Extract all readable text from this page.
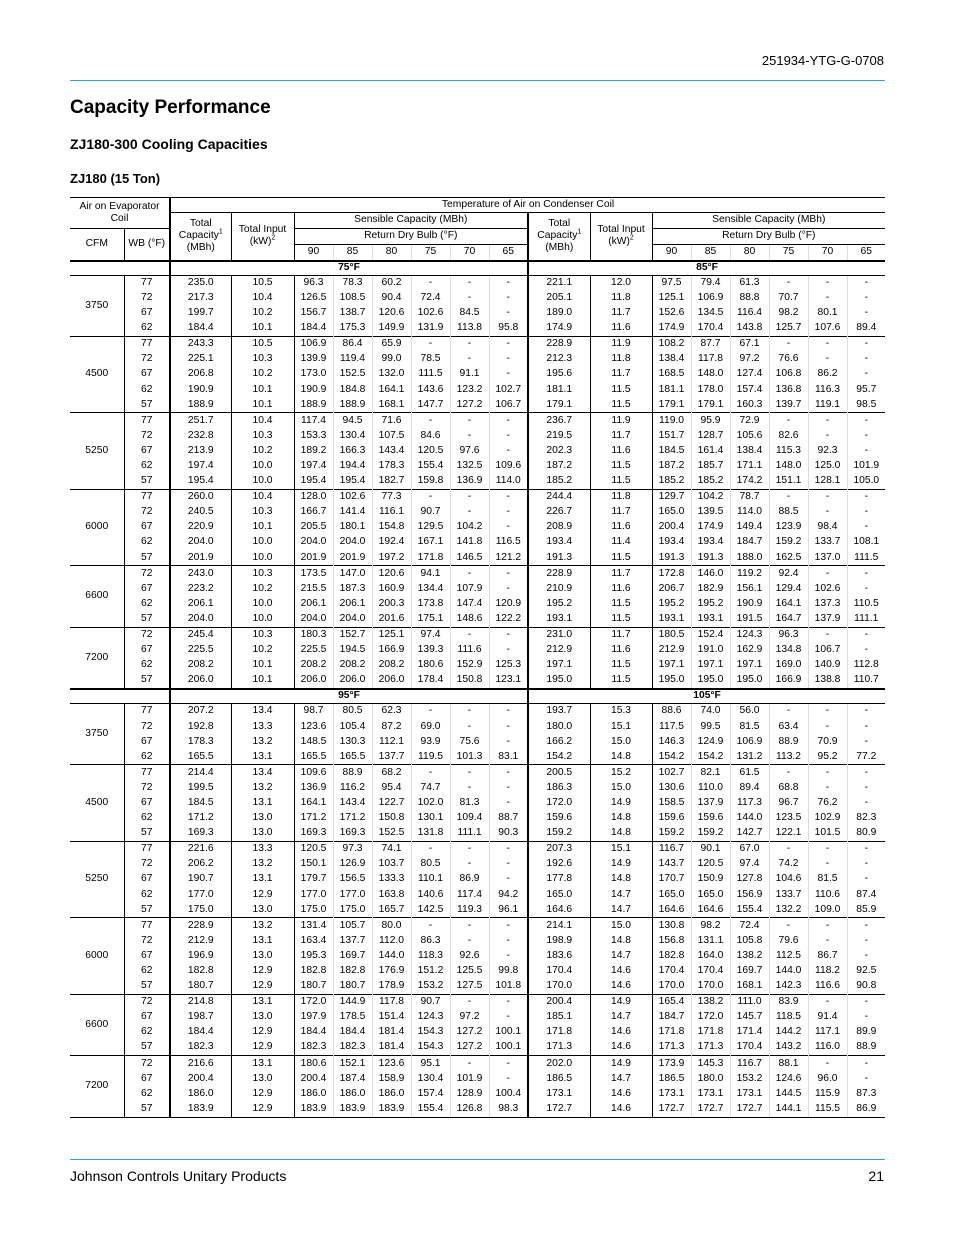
251934-YTG-G-0708
Capacity Performance
ZJ180-300 Cooling Capacities
ZJ180 (15 Ton)
Air on Evaporator Coil		Temperature of Air on Condenser Coil															
		Total Capacity$^1$
(MBh)	Total Input
(kW)$^2$	Sensible Capacity (MBh)						Total Capacity$^1$
(MBh)	Total Input
(kW)$^2$	Sensible Capacity (MBh)					
CFM	WB (°F)			Return Dry Bulb (°F)								Return Dry Bulb (°F)					
				90	85	80	75	70	65			90	85	80	75	70	65
		75°F								85°F							
3750	77	235.0	10.5	96.3	78.3	60.2	-	-	-	221.1	12.0	97.5	79.4	61.3	-	-	-
	72	217.3	10.4	126.5	108.5	90.4	72.4	-	-	205.1	11.8	125.1	106.9	88.8	70.7	-	-
	67	199.7	10.2	156.7	138.7	120.6	102.6	84.5	-	189.0	11.7	152.6	134.5	116.4	98.2	80.1	-
	62	184.4	10.1	184.4	175.3	149.9	131.9	113.8	95.8	174.9	11.6	174.9	170.4	143.8	125.7	107.6	89.4
4500	77	243.3	10.5	106.9	86.4	65.9	-	-	-	228.9	11.9	108.2	87.7	67.1	-	-	-
	72	225.1	10.3	139.9	119.4	99.0	78.5	-	-	212.3	11.8	138.4	117.8	97.2	76.6	-	-
	67	206.8	10.2	173.0	152.5	132.0	111.5	91.1	-	195.6	11.7	168.5	148.0	127.4	106.8	86.2	-
	62	190.9	10.1	190.9	184.8	164.1	143.6	123.2	102.7	181.1	11.5	181.1	178.0	157.4	136.8	116.3	95.7
	57	188.9	10.1	188.9	188.9	168.1	147.7	127.2	106.7	179.1	11.5	179.1	179.1	160.3	139.7	119.1	98.5
5250	77	251.7	10.4	117.4	94.5	71.6	-	-	-	236.7	11.9	119.0	95.9	72.9	-	-	-
	72	232.8	10.3	153.3	130.4	107.5	84.6	-	-	219.5	11.7	151.7	128.7	105.6	82.6	-	-
	67	213.9	10.2	189.2	166.3	143.4	120.5	97.6	-	202.3	11.6	184.5	161.4	138.4	115.3	92.3	-
	62	197.4	10.0	197.4	194.4	178.3	155.4	132.5	109.6	187.2	11.5	187.2	185.7	171.1	148.0	125.0	101.9
	57	195.4	10.0	195.4	195.4	182.7	159.8	136.9	114.0	185.2	11.5	185.2	185.2	174.2	151.1	128.1	105.0
6000	77	260.0	10.4	128.0	102.6	77.3	-	-	-	244.4	11.8	129.7	104.2	78.7	-	-	-
	72	240.5	10.3	166.7	141.4	116.1	90.7	-	-	226.7	11.7	165.0	139.5	114.0	88.5	-	-
	67	220.9	10.1	205.5	180.1	154.8	129.5	104.2	-	208.9	11.6	200.4	174.9	149.4	123.9	98.4	-
	62	204.0	10.0	204.0	204.0	192.4	167.1	141.8	116.5	193.4	11.4	193.4	193.4	184.7	159.2	133.7	108.1
	57	201.9	10.0	201.9	201.9	197.2	171.8	146.5	121.2	191.3	11.5	191.3	191.3	188.0	162.5	137.0	111.5
6600	72	243.0	10.3	173.5	147.0	120.6	94.1	-	-	228.9	11.7	172.8	146.0	119.2	92.4	-	-
	67	223.2	10.2	215.5	187.3	160.9	134.4	107.9	-	210.9	11.6	206.7	182.9	156.1	129.4	102.6	-
	62	206.1	10.0	206.1	206.1	200.3	173.8	147.4	120.9	195.2	11.5	195.2	195.2	190.9	164.1	137.3	110.5
	57	204.0	10.0	204.0	204.0	201.6	175.1	148.6	122.2	193.1	11.5	193.1	193.1	191.5	164.7	137.9	111.1
7200	72	245.4	10.3	180.3	152.7	125.1	97.4	-	-	231.0	11.7	180.5	152.4	124.3	96.3	-	-
	67	225.5	10.2	225.5	194.5	166.9	139.3	111.6	-	212.9	11.6	212.9	191.0	162.9	134.8	106.7	-
	62	208.2	10.1	208.2	208.2	208.2	180.6	152.9	125.3	197.1	11.5	197.1	197.1	197.1	169.0	140.9	112.8
	57	206.0	10.1	206.0	206.0	206.0	178.4	150.8	123.1	195.0	11.5	195.0	195.0	195.0	166.9	138.8	110.7
		95°F								105°F							
3750	77	207.2	13.4	98.7	80.5	62.3	-	-	-	193.7	15.3	88.6	74.0	56.0	-	-	-
	72	192.8	13.3	123.6	105.4	87.2	69.0	-	-	180.0	15.1	117.5	99.5	81.5	63.4	-	-
	67	178.3	13.2	148.5	130.3	112.1	93.9	75.6	-	166.2	15.0	146.3	124.9	106.9	88.9	70.9	-
	62	165.5	13.1	165.5	165.5	137.7	119.5	101.3	83.1	154.2	14.8	154.2	154.2	131.2	113.2	95.2	77.2
4500	77	214.4	13.4	109.6	88.9	68.2	-	-	-	200.5	15.2	102.7	82.1	61.5	-	-	-
	72	199.5	13.2	136.9	116.2	95.4	74.7	-	-	186.3	15.0	130.6	110.0	89.4	68.8	-	-
	67	184.5	13.1	164.1	143.4	122.7	102.0	81.3	-	172.0	14.9	158.5	137.9	117.3	96.7	76.2	-
	62	171.2	13.0	171.2	171.2	150.8	130.1	109.4	88.7	159.6	14.8	159.6	159.6	144.0	123.5	102.9	82.3
	57	169.3	13.0	169.3	169.3	152.5	131.8	111.1	90.3	159.2	14.8	159.2	159.2	142.7	122.1	101.5	80.9
5250	77	221.6	13.3	120.5	97.3	74.1	-	-	-	207.3	15.1	116.7	90.1	67.0	-	-	-
	72	206.2	13.2	150.1	126.9	103.7	80.5	-	-	192.6	14.9	143.7	120.5	97.4	74.2	-	-
	67	190.7	13.1	179.7	156.5	133.3	110.1	86.9	-	177.8	14.8	170.7	150.9	127.8	104.6	81.5	-
	62	177.0	12.9	177.0	177.0	163.8	140.6	117.4	94.2	165.0	14.7	165.0	165.0	156.9	133.7	110.6	87.4
	57	175.0	13.0	175.0	175.0	165.7	142.5	119.3	96.1	164.6	14.7	164.6	164.6	155.4	132.2	109.0	85.9
6000	77	228.9	13.2	131.4	105.7	80.0	-	-	-	214.1	15.0	130.8	98.2	72.4	-	-	-
	72	212.9	13.1	163.4	137.7	112.0	86.3	-	-	198.9	14.8	156.8	131.1	105.8	79.6	-	-
	67	196.9	13.0	195.3	169.7	144.0	118.3	92.6	-	183.6	14.7	182.8	164.0	138.2	112.5	86.7	-
	62	182.8	12.9	182.8	182.8	176.9	151.2	125.5	99.8	170.4	14.6	170.4	170.4	169.7	144.0	118.2	92.5
	57	180.7	12.9	180.7	180.7	178.9	153.2	127.5	101.8	170.0	14.6	170.0	170.0	168.1	142.3	116.6	90.8
6600	72	214.8	13.1	172.0	144.9	117.8	90.7	-	-	200.4	14.9	165.4	138.2	111.0	83.9	-	-
	67	198.7	13.0	197.9	178.5	151.4	124.3	97.2	-	185.1	14.7	184.7	172.0	145.7	118.5	91.4	-
	62	184.4	12.9	184.4	184.4	181.4	154.3	127.2	100.1	171.8	14.6	171.8	171.8	171.4	144.2	117.1	89.9
	57	182.3	12.9	182.3	182.3	181.4	154.3	127.2	100.1	171.3	14.6	171.3	171.3	170.4	143.2	116.0	88.9
7200	72	216.6	13.1	180.6	152.1	123.6	95.1	-	-	202.0	14.9	173.9	145.3	116.7	88.1	-	-
	67	200.4	13.0	200.4	187.4	158.9	130.4	101.9	-	186.5	14.7	186.5	180.0	153.2	124.6	96.0	-
	62	186.0	12.9	186.0	186.0	186.0	157.4	128.9	100.4	173.1	14.6	173.1	173.1	173.1	144.5	115.9	87.3
	57	183.9	12.9	183.9	183.9	183.9	155.4	126.8	98.3	172.7	14.6	172.7	172.7	172.7	144.1	115.5	86.9
Johnson Controls Unitary Products	21
